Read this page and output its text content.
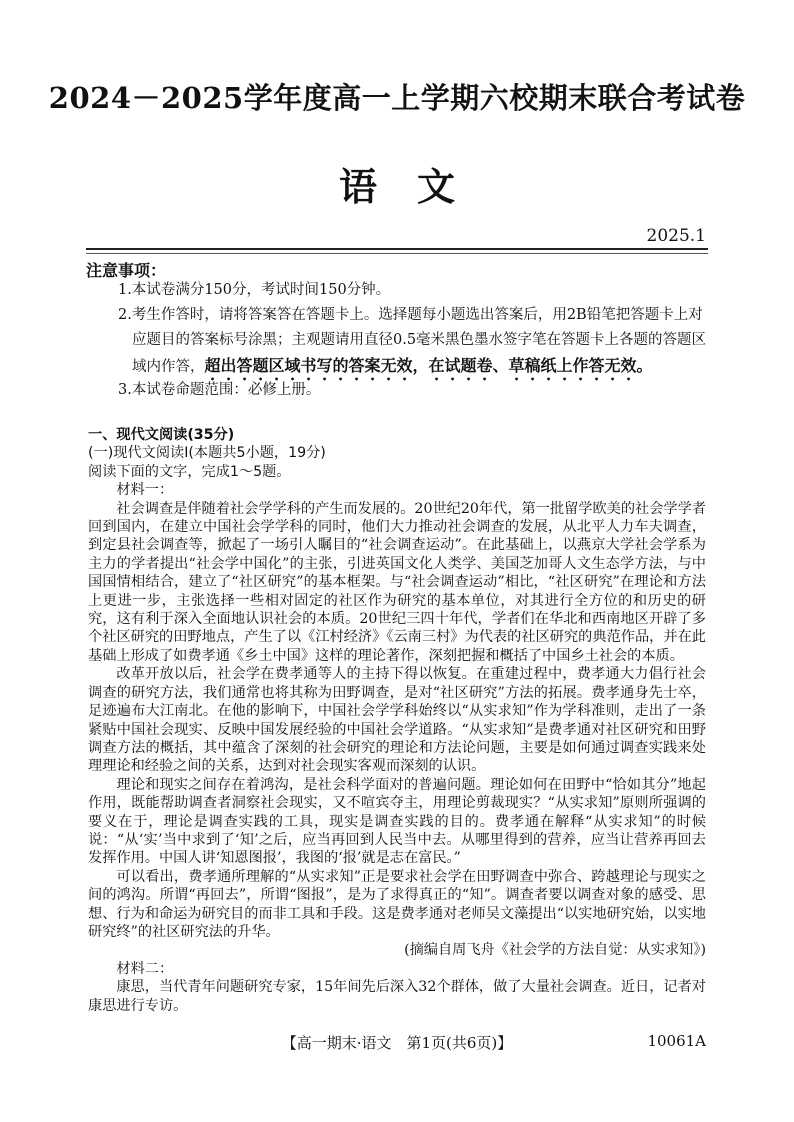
2024－2025学年度高一上学期六校期末联合考试卷
语文
2025.1
注意事项：
1.本试卷满分150分，考试时间150分钟。
2.考生作答时，请将答案答在答题卡上。选择题每小题选出答案后，用2B铅笔把答题卡上对应题目的答案标号涂黑；主观题请用直径0.5毫米黑色墨水签字笔在答题卡上各题的答题区域内作答，超出答题区域书写的答案无效，在试题卷、草稿纸上作答无效。
3.本试卷命题范围：必修上册。

一、现代文阅读(35分)

(一)现代文阅读Ⅰ(本题共5小题，19分)

阅读下面的文字，完成1～5题。

材料一：

社会调查是伴随着社会学学科的产生而发展的。20世纪20年代，第一批留学欧美的社会学学者回到国内，在建立中国社会学学科的同时，他们大力推动社会调查的发展，从北平人力车夫调查，到定县社会调查等，掀起了一场引人瞩目的“社会调查运动”。在此基础上，以燕京大学社会学系为主力的学者提出“社会学中国化”的主张，引进英国文化人类学、美国芝加哥人文生态学方法，与中国国情相结合，建立了“社区研究”的基本框架。与“社会调查运动”相比，“社区研究”在理论和方法上更进一步，主张选择一些相对固定的社区作为研究的基本单位，对其进行全方位的和历史的研究，这有利于深入全面地认识社会的本质。20世纪三四十年代，学者们在华北和西南地区开辟了多个社区研究的田野地点，产生了以《江村经济》《云南三村》为代表的社区研究的典范作品，并在此基础上形成了如费孝通《乡土中国》这样的理论著作，深刻把握和概括了中国乡土社会的本质。

改革开放以后，社会学在费孝通等人的主持下得以恢复。在重建过程中，费孝通大力倡行社会调查的研究方法，我们通常也将其称为田野调查，是对“社区研究”方法的拓展。费孝通身先士卒，足迹遍布大江南北。在他的影响下，中国社会学学科始终以“从实求知”作为学科准则，走出了一条紧贴中国社会现实、反映中国发展经验的中国社会学道路。“从实求知”是费孝通对社区研究和田野调查方法的概括，其中蕴含了深刻的社会研究的理论和方法论问题，主要是如何通过调查实践来处理理论和经验之间的关系，达到对社会现实客观而深刻的认识。

理论和现实之间存在着鸿沟，是社会科学面对的普遍问题。理论如何在田野中“恰如其分”地起作用，既能帮助调查者洞察社会现实，又不喧宾夺主，用理论剪裁现实？“从实求知”原则所强调的要义在于，理论是调查实践的工具，现实是调查实践的目的。费孝通在解释“从实求知”的时候说：“从‘实’当中求到了‘知’之后，应当再回到人民当中去。从哪里得到的营养，应当让营养再回去发挥作用。中国人讲‘知恩图报’，我图的‘报’就是志在富民。”

可以看出，费孝通所理解的“从实求知”正是要求社会学在田野调查中弥合、跨越理论与现实之间的鸿沟。所谓“再回去”，所谓“图报”，是为了求得真正的“知”。调查者要以调查对象的感受、思想、行为和命运为研究目的而非工具和手段。这是费孝通对老师吴文藻提出“以实地研究始，以实地研究终”的社区研究法的升华。

(摘编自周飞舟《社会学的方法自觉：从实求知》)

材料二：

康思，当代青年问题研究专家，15年间先后深入32个群体，做了大量社会调查。近日，记者对康思进行专访。

【高一期末·语文　第1页(共6页)】	10061A
